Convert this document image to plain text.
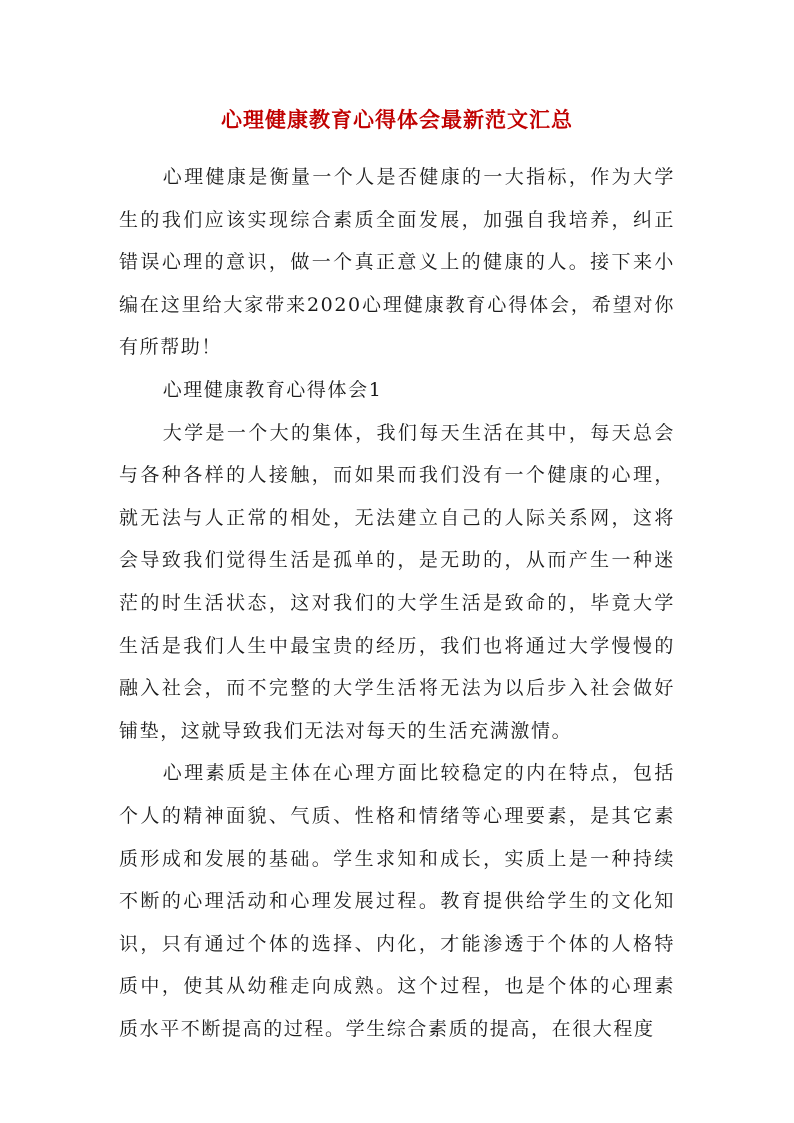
心理健康教育心得体会最新范文汇总

心理健康是衡量一个人是否健康的一大指标，作为大学生的我们应该实现综合素质全面发展，加强自我培养，纠正错误心理的意识，做一个真正意义上的健康的人。接下来小编在这里给大家带来2020心理健康教育心得体会，希望对你有所帮助！

心理健康教育心得体会1

大学是一个大的集体，我们每天生活在其中，每天总会与各种各样的人接触，而如果而我们没有一个健康的心理，就无法与人正常的相处，无法建立自己的人际关系网，这将会导致我们觉得生活是孤单的，是无助的，从而产生一种迷茫的时生活状态，这对我们的大学生活是致命的，毕竟大学生活是我们人生中最宝贵的经历，我们也将通过大学慢慢的融入社会，而不完整的大学生活将无法为以后步入社会做好铺垫，这就导致我们无法对每天的生活充满激情。

心理素质是主体在心理方面比较稳定的内在特点，包括个人的精神面貌、气质、性格和情绪等心理要素，是其它素质形成和发展的基础。学生求知和成长，实质上是一种持续不断的心理活动和心理发展过程。教育提供给学生的文化知识，只有通过个体的选择、内化，才能渗透于个体的人格特质中，使其从幼稚走向成熟。这个过程，也是个体的心理素质水平不断提高的过程。学生综合素质的提高，在很大程度
